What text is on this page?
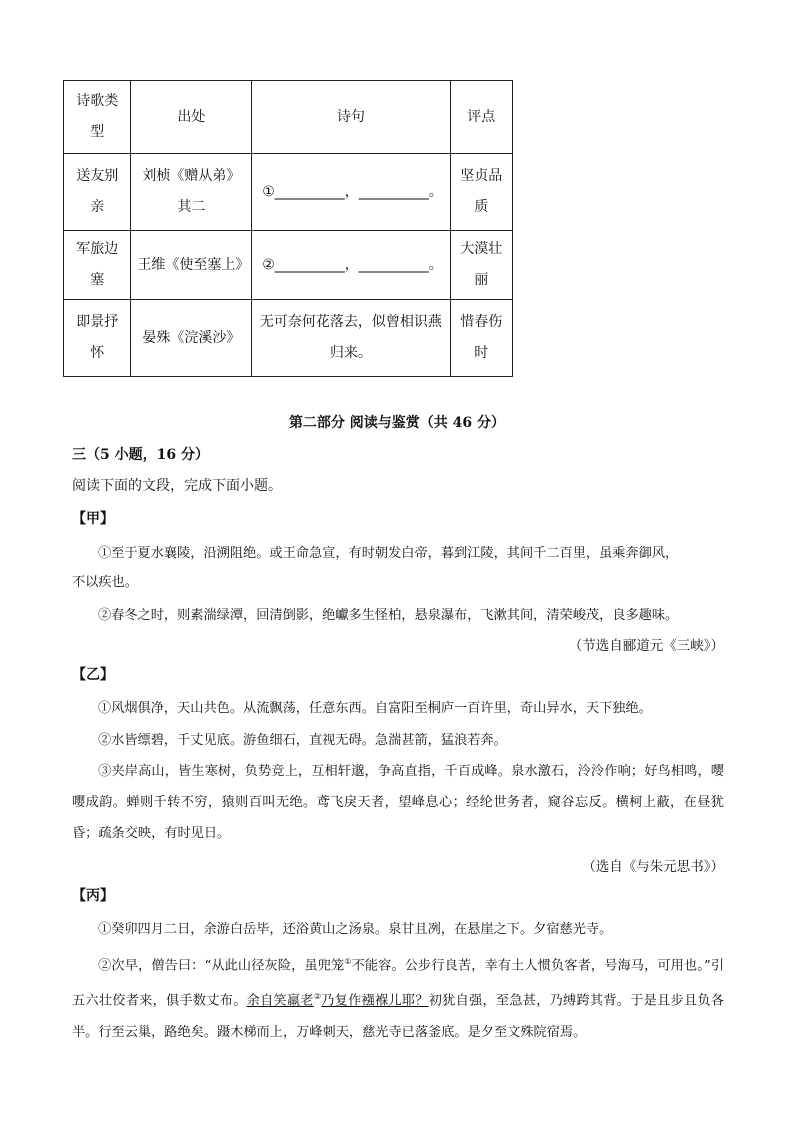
诗歌类型	出处	诗句	评点
送友别亲	刘桢《赠从弟》其二	①__________，__________。	坚贞品质
军旅边塞	王维《使至塞上》	②__________，__________。	大漠壮丽
即景抒怀	晏殊《浣溪沙》	无可奈何花落去，似曾相识燕归来。	惜春伤时
第二部分 阅读与鉴赏（共 46 分）
三（5 小题，16 分）
阅读下面的文段，完成下面小题。
【甲】
①至于夏水襄陵，沿溯阻绝。或王命急宣，有时朝发白帝，暮到江陵，其间千二百里，虽乘奔御风，
不以疾也。
②春冬之时，则素湍绿潭，回清倒影，绝巘多生怪柏，悬泉瀑布，飞漱其间，清荣峻茂，良多趣味。
（节选自郦道元《三峡》）
【乙】
①风烟俱净，天山共色。从流飘荡，任意东西。自富阳至桐庐一百许里，奇山异水，天下独绝。
②水皆缥碧，千丈见底。游鱼细石，直视无碍。急湍甚箭，猛浪若奔。
③夹岸高山，皆生寒树，负势竞上，互相轩邈，争高直指，千百成峰。泉水激石，泠泠作响；好鸟相鸣，嘤嘤成韵。蝉则千转不穷，猿则百叫无绝。鸢飞戾天者，望峰息心；经纶世务者，窥谷忘反。横柯上蔽，在昼犹昏；疏条交映，有时见日。
（选自《与朱元思书》）
【丙】
①癸卯四月二日，余游白岳毕，还浴黄山之汤泉。泉甘且冽，在悬崖之下。夕宿慈光寺。
②次早，僧告曰：“从此山径灰险，虽兜笼①不能容。公步行良苦，幸有土人惯负客者，号海马，可用也。”引五六壮佼者来，俱手数丈布。余自笑羸老②乃复作襁褓儿耶？初犹自强，至急甚，乃缚跨其背。于是且步且负各半。行至云巢，路绝矣。蹑木梯而上，万峰刺天，慈光寺已落釜底。是夕至文殊院宿焉。
